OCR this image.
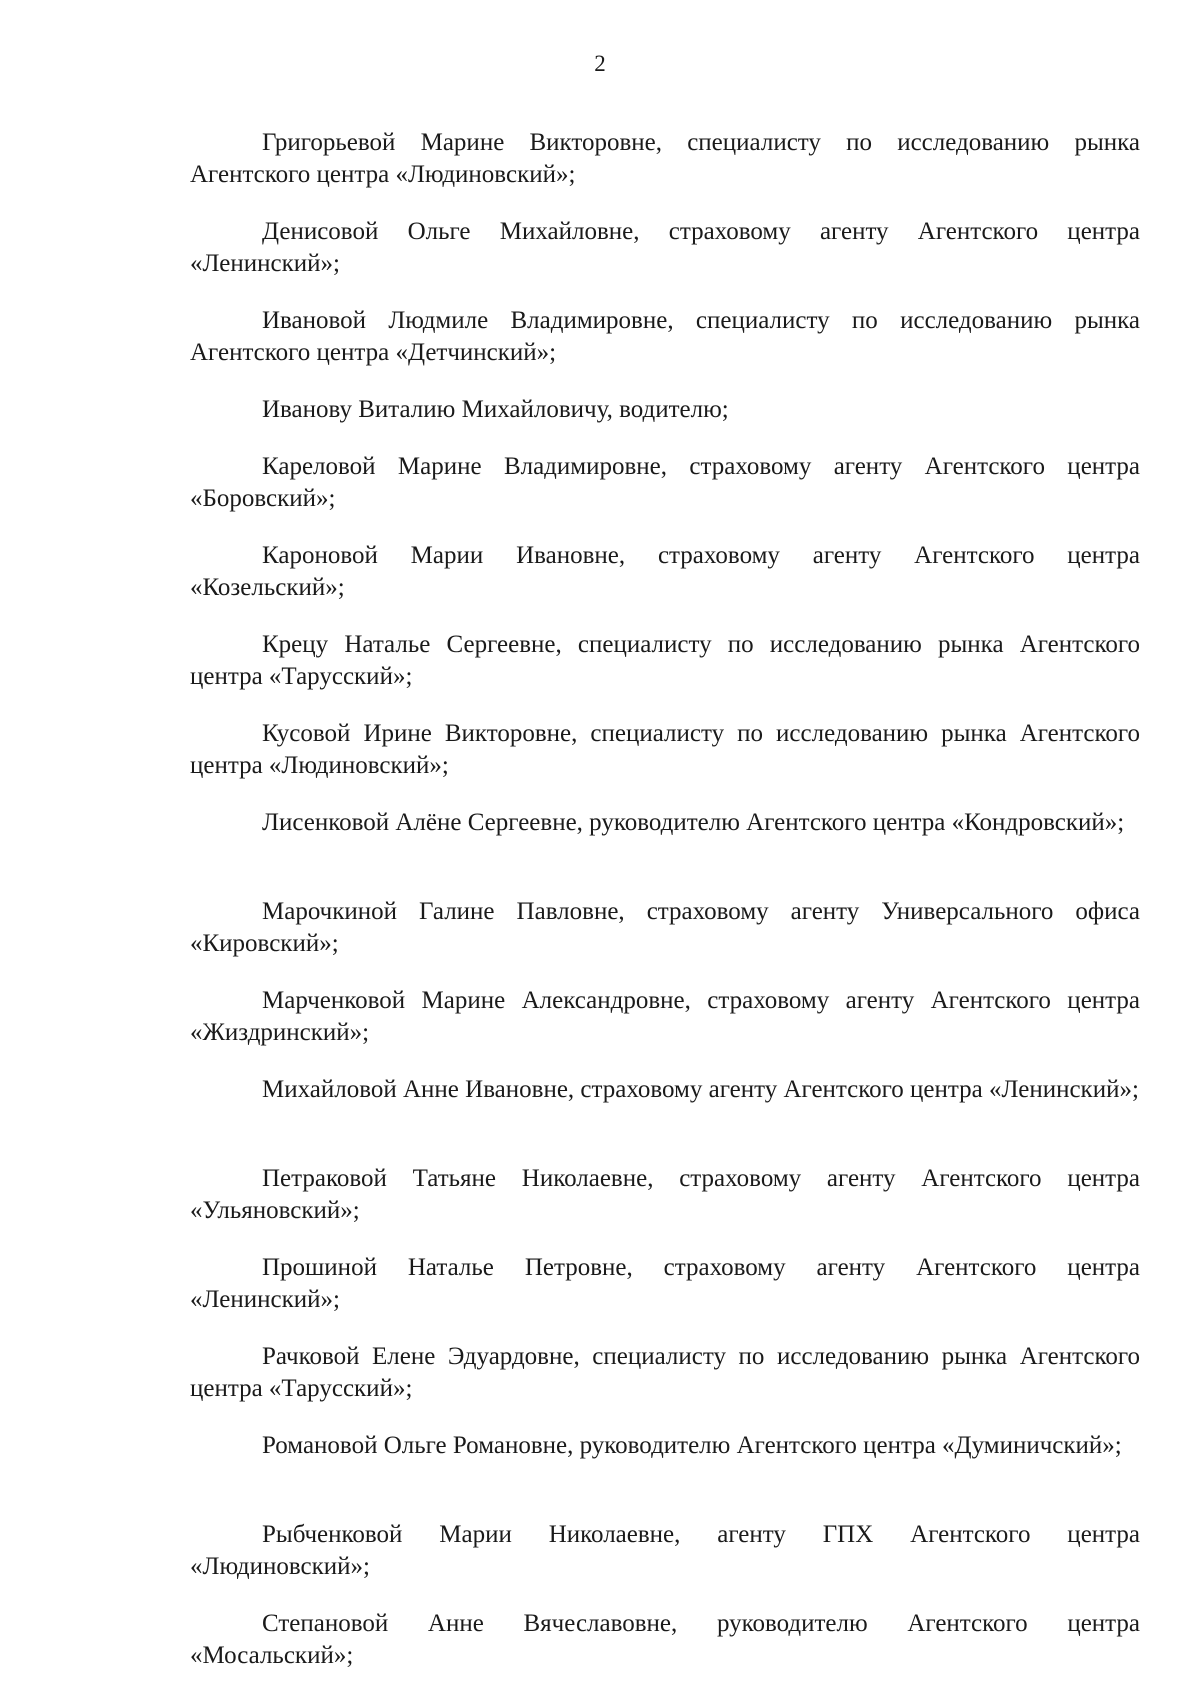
2

Григорьевой Марине Викторовне, специалисту по исследованию рынка Агентского центра «Людиновский»;

Денисовой Ольге Михайловне, страховому агенту Агентского центра «Ленинский»;

Ивановой Людмиле Владимировне, специалисту по исследованию рынка Агентского центра «Детчинский»;

Иванову Виталию Михайловичу, водителю;

Кареловой Марине Владимировне, страховому агенту Агентского центра «Боровский»;

Кароновой Марии Ивановне, страховому агенту Агентского центра «Козельский»;

Крецу Наталье Сергеевне, специалисту по исследованию рынка Агентского центра «Тарусский»;

Кусовой Ирине Викторовне, специалисту по исследованию рынка Агентского центра «Людиновский»;

Лисенковой Алёне Сергеевне, руководителю Агентского центра «Кондровский»;

Марочкиной Галине Павловне, страховому агенту Универсального офиса «Кировский»;

Марченковой Марине Александровне, страховому агенту Агентского центра «Жиздринский»;

Михайловой Анне Ивановне, страховому агенту Агентского центра «Ленинский»;

Петраковой Татьяне Николаевне, страховому агенту Агентского центра «Ульяновский»;

Прошиной Наталье Петровне, страховому агенту Агентского центра «Ленинский»;

Рачковой Елене Эдуардовне, специалисту по исследованию рынка Агентского центра «Тарусский»;

Романовой Ольге Романовне, руководителю Агентского центра «Думиничский»;

Рыбченковой Марии Николаевне, агенту ГПХ Агентского центра «Людиновский»;

Степановой Анне Вячеславовне, руководителю Агентского центра «Мосальский»;
